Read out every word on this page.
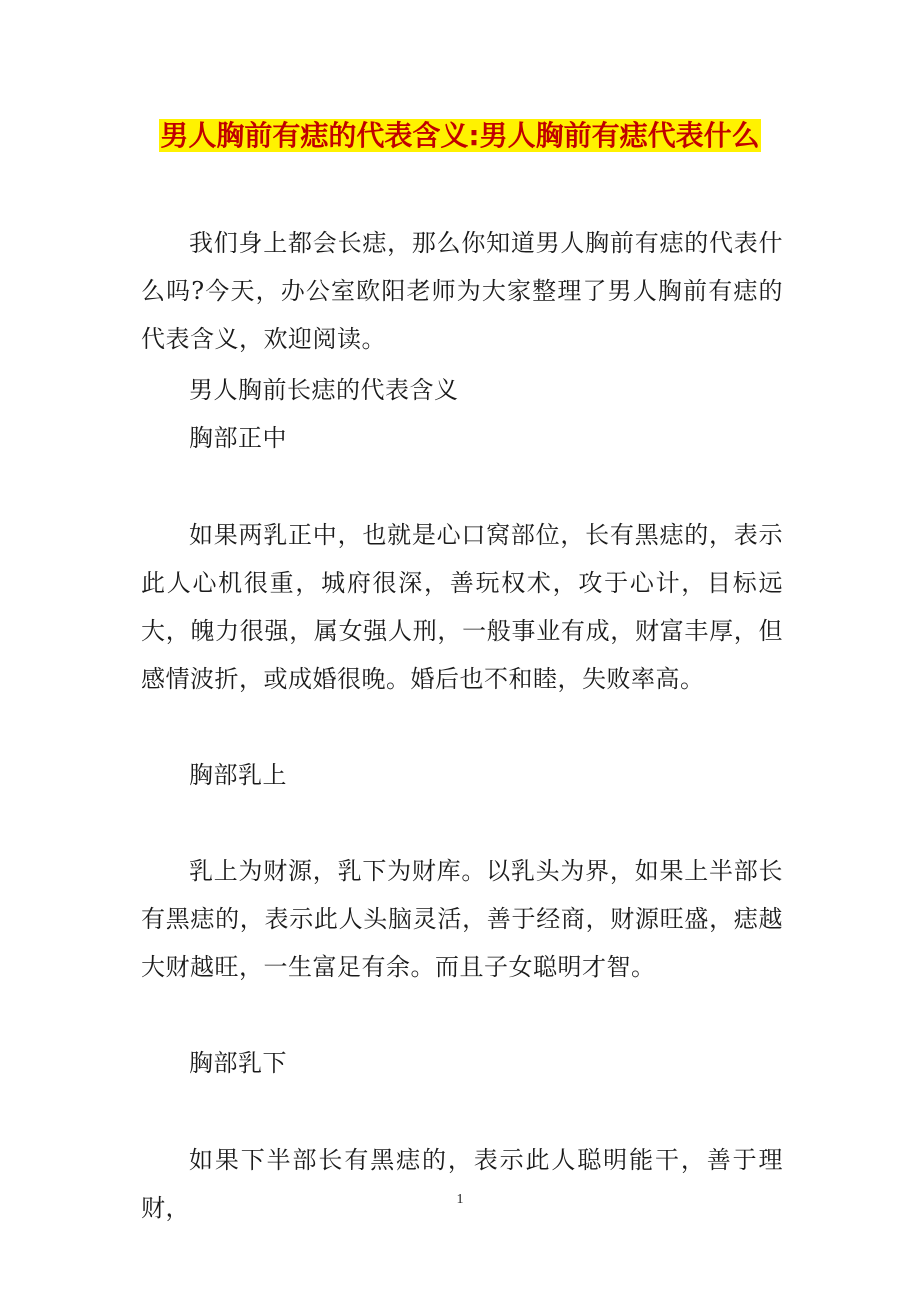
男人胸前有痣的代表含义:男人胸前有痣代表什么

我们身上都会长痣，那么你知道男人胸前有痣的代表什么吗?今天，办公室欧阳老师为大家整理了男人胸前有痣的代表含义，欢迎阅读。

男人胸前长痣的代表含义

胸部正中

如果两乳正中，也就是心口窝部位，长有黑痣的，表示此人心机很重，城府很深，善玩权术，攻于心计，目标远大，魄力很强，属女强人刑，一般事业有成，财富丰厚，但感情波折，或成婚很晚。婚后也不和睦，失败率高。

胸部乳上

乳上为财源，乳下为财库。以乳头为界，如果上半部长有黑痣的，表示此人头脑灵活，善于经商，财源旺盛，痣越大财越旺，一生富足有余。而且子女聪明才智。

胸部乳下

如果下半部长有黑痣的，表示此人聪明能干，善于理财，	1
